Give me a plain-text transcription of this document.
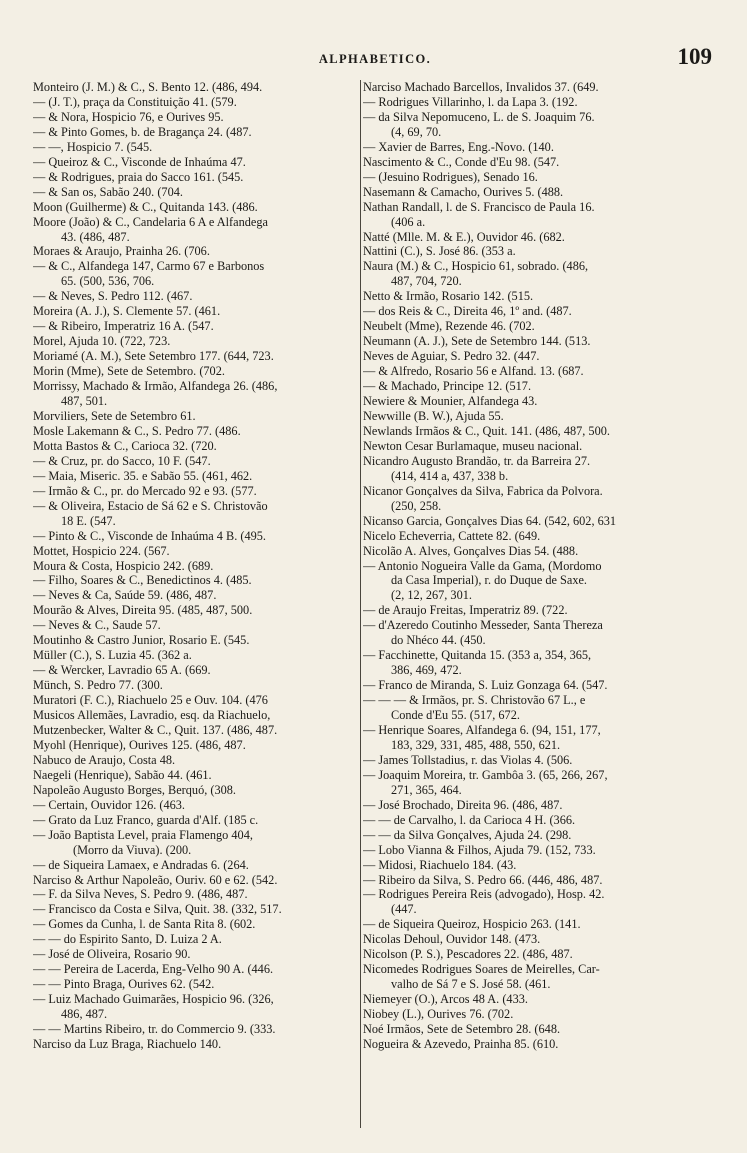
ALPHABETICO.	109
Monteiro (J. M.) & C., S. Bento 12. (486, 494.
— (J. T.), praça da Constituição 41. (579.
— & Nora, Hospicio 76, e Ourives 95.
— & Pinto Gomes, b. de Bragança 24. (487.
— —, Hospicio 7. (545.
— Queiroz & C., Visconde de Inhaúma 47.
— & Rodrigues, praia do Sacco 161. (545.
— & San os, Sabão 240. (704.
Moon (Guilherme) & C., Quitanda 143. (486.
Moore (João) & C., Candelaria 6 A e Alfandega
43. (486, 487.
Moraes & Araujo, Prainha 26. (706.
— & C., Alfandega 147, Carmo 67 e Barbonos
65. (500, 536, 706.
— & Neves, S. Pedro 112. (467.
Moreira (A. J.), S. Clemente 57. (461.
— & Ribeiro, Imperatriz 16 A. (547.
Morel, Ajuda 10. (722, 723.
Moriamé (A. M.), Sete Setembro 177. (644, 723.
Morin (Mme), Sete de Setembro. (702.
Morrissy, Machado & Irmão, Alfandega 26. (486,
487, 501.
Morviliers, Sete de Setembro 61.
Mosle Lakemann & C., S. Pedro 77. (486.
Motta Bastos & C., Carioca 32. (720.
— & Cruz, pr. do Sacco, 10 F. (547.
— Maia, Miseric. 35. e Sabão 55. (461, 462.
— Irmão & C., pr. do Mercado 92 e 93. (577.
— & Oliveira, Estacio de Sá 62 e S. Christovão
18 E. (547.
— Pinto & C., Visconde de Inhaúma 4 B. (495.
Mottet, Hospicio 224. (567.
Moura & Costa, Hospicio 242. (689.
— Filho, Soares & C., Benedictinos 4. (485.
— Neves & Ca, Saúde 59. (486, 487.
Mourão & Alves, Direita 95. (485, 487, 500.
— Neves & C., Saude 57.
Moutinho & Castro Junior, Rosario E. (545.
Müller (C.), S. Luzia 45. (362 a.
— & Wercker, Lavradio 65 A. (669.
Münch, S. Pedro 77. (300.
Muratori (F. C.), Riachuelo 25 e Ouv. 104. (476
Musicos Allemães, Lavradio, esq. da Riachuelo,
Mutzenbecker, Walter & C., Quit. 137. (486, 487.
Myohl (Henrique), Ourives 125. (486, 487.
Nabuco de Araujo, Costa 48.
Naegeli (Henrique), Sabão 44. (461.
Napoleão Augusto Borges, Berquó, (308.
— Certain, Ouvidor 126. (463.
— Grato da Luz Franco, guarda d'Alf. (185 c.
— João Baptista Level, praia Flamengo 404,
(Morro da Viuva). (200.
— de Siqueira Lamaex, e Andradas 6. (264.
Narciso & Arthur Napoleão, Ouriv. 60 e 62. (542.
— F. da Silva Neves, S. Pedro 9. (486, 487.
— Francisco da Costa e Silva, Quit. 38. (332, 517.
— Gomes da Cunha, l. de Santa Rita 8. (602.
— — do Espirito Santo, D. Luiza 2 A.
— José de Oliveira, Rosario 90.
— — Pereira de Lacerda, Eng-Velho 90 A. (446.
— — Pinto Braga, Ourives 62. (542.
— Luiz Machado Guimarães, Hospicio 96. (326,
486, 487.
— — Martins Ribeiro, tr. do Commercio 9. (333.
Narciso da Luz Braga, Riachuelo 140.
Narciso Machado Barcellos, Invalidos 37. (649.
— Rodrigues Villarinho, l. da Lapa 3. (192.
— da Silva Nepomuceno, L. de S. Joaquim 76.
(4, 69, 70.
— Xavier de Barres, Eng.-Novo. (140.
Nascimento & C., Conde d'Eu 98. (547.
— (Jesuino Rodrigues), Senado 16.
Nasemann & Camacho, Ourives 5. (488.
Nathan Randall, l. de S. Francisco de Paula 16.
(406 a.
Natté (Mlle. M. & E.), Ouvidor 46. (682.
Nattini (C.), S. José 86. (353 a.
Naura (M.) & C., Hospicio 61, sobrado. (486,
487, 704, 720.
Netto & Irmão, Rosario 142. (515.
— dos Reis & C., Direita 46, 1º and. (487.
Neubelt (Mme), Rezende 46. (702.
Neumann (A. J.), Sete de Setembro 144. (513.
Neves de Aguiar, S. Pedro 32. (447.
— & Alfredo, Rosario 56 e Alfand. 13. (687.
— & Machado, Principe 12. (517.
Newiere & Mounier, Alfandega 43.
Newwille (B. W.), Ajuda 55.
Newlands Irmãos & C., Quit. 141. (486, 487, 500.
Newton Cesar Burlamaque, museu nacional.
Nicandro Augusto Brandão, tr. da Barreira 27.
(414, 414 a, 437, 338 b.
Nicanor Gonçalves da Silva, Fabrica da Polvora.
(250, 258.
Nicanso Garcia, Gonçalves Dias 64. (542, 602, 631
Nicelo Echeverria, Cattete 82. (649.
Nicolão A. Alves, Gonçalves Dias 54. (488.
— Antonio Nogueira Valle da Gama, (Mordomo
da Casa Imperial), r. do Duque de Saxe.
(2, 12, 267, 301.
— de Araujo Freitas, Imperatriz 89. (722.
— d'Azeredo Coutinho Messeder, Santa Thereza
do Nhéco 44. (450.
— Facchinette, Quitanda 15. (353 a, 354, 365,
386, 469, 472.
— Franco de Miranda, S. Luiz Gonzaga 64. (547.
— — — & Irmãos, pr. S. Christovão 67 L., e
Conde d'Eu 55. (517, 672.
— Henrique Soares, Alfandega 6. (94, 151, 177,
183, 329, 331, 485, 488, 550, 621.
— James Tollstadius, r. das Violas 4. (506.
— Joaquim Moreira, tr. Gambôa 3. (65, 266, 267,
271, 365, 464.
— José Brochado, Direita 96. (486, 487.
— — de Carvalho, l. da Carioca 4 H. (366.
— — da Silva Gonçalves, Ajuda 24. (298.
— Lobo Vianna & Filhos, Ajuda 79. (152, 733.
— Midosi, Riachuelo 184. (43.
— Ribeiro da Silva, S. Pedro 66. (446, 486, 487.
— Rodrigues Pereira Reis (advogado), Hosp. 42.
(447.
— de Siqueira Queiroz, Hospicio 263. (141.
Nicolas Dehoul, Ouvidor 148. (473.
Nicolson (P. S.), Pescadores 22. (486, 487.
Nicomedes Rodrigues Soares de Meirelles, Car-
valho de Sá 7 e S. José 58. (461.
Niemeyer (O.), Arcos 48 A. (433.
Niobey (L.), Ourives 76. (702.
Noé Irmãos, Sete de Setembro 28. (648.
Nogueira & Azevedo, Prainha 85. (610.
